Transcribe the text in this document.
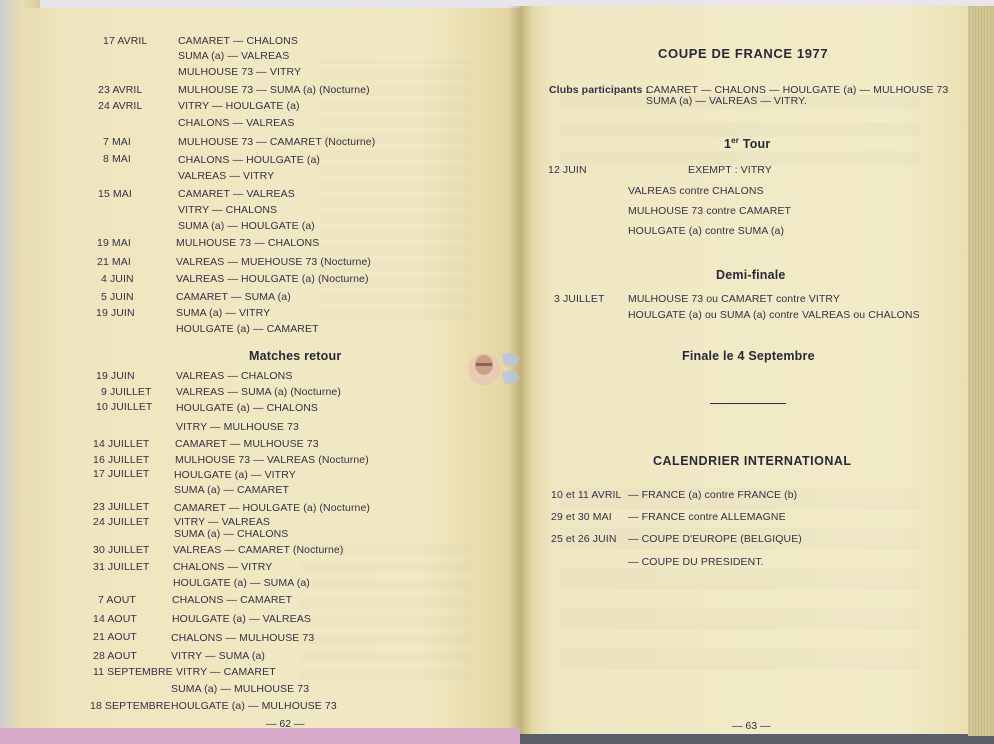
17 AVRIL	CAMARET — CHALONS
SUMA (a) — VALREAS
MULHOUSE 73 — VITRY
23 AVRIL	MULHOUSE 73 — SUMA (a) (Nocturne)
24 AVRIL	VITRY — HOULGATE (a)
CHALONS — VALREAS
7 MAI	MULHOUSE 73 — CAMARET (Nocturne)
8 MAI	CHALONS — HOULGATE (a)
VALREAS — VITRY
15 MAI	CAMARET — VALREAS
VITRY — CHALONS
SUMA (a) — HOULGATE (a)
19 MAI	MULHOUSE 73 — CHALONS
21 MAI	VALREAS — MUEHOUSE 73 (Nocturne)
4 JUIN	VALREAS — HOULGATE (a) (Nocturne)
5 JUIN	CAMARET — SUMA (a)
19 JUIN	SUMA (a) — VITRY
HOULGATE (a) — CAMARET
Matches retour
19 JUIN	VALREAS — CHALONS
9 JUILLET VALREAS — SUMA (a) (Nocturne)
10 JUILLET HOULGATE (a) — CHALONS
VITRY — MULHOUSE 73
14 JUILLET CAMARET — MULHOUSE 73
16 JUILLET MULHOUSE 73 — VALREAS (Nocturne)
17 JUILLET HOULGATE (a) — VITRY
SUMA (a) — CAMARET
23 JUILLET CAMARET — HOULGATE (a) (Nocturne)
24 JUILLET VITRY — VALREAS
SUMA (a) — CHALONS
30 JUILLET VALREAS — CAMARET (Nocturne)
31 JUILLET CHALONS — VITRY
HOULGATE (a) — SUMA (a)
7 AOUT	CHALONS — CAMARET
14 AOUT	HOULGATE (a) — VALREAS
21 AOUT	CHALONS — MULHOUSE 73
28 AOUT	VITRY — SUMA (a)
11 SEPTEMBRE VITRY — CAMARET
SUMA (a) — MULHOUSE 73
18 SEPTEMBRE HOULGATE (a) — MULHOUSE 73
— 62 —
COUPE DE FRANCE 1977
Clubs participants :
CAMARET — CHALONS — HOULGATE (a) — MULHOUSE 73
SUMA (a) — VALREAS — VITRY.
1er Tour
12 JUIN	EXEMPT : VITRY
VALREAS contre CHALONS
MULHOUSE 73 contre CAMARET
HOULGATE (a) contre SUMA (a)
Demi-finale
3 JUILLET MULHOUSE 73 ou CAMARET contre VITRY
HOULGATE (a) ou SUMA (a) contre VALREAS ou CHALONS
Finale le 4 Septembre
CALENDRIER INTERNATIONAL
10 et 11 AVRIL — FRANCE (a) contre FRANCE (b)
29 et 30 MAI — FRANCE contre ALLEMAGNE
25 et 26 JUIN — COUPE D'EUROPE (BELGIQUE)
— COUPE DU PRESIDENT.
— 63 —
